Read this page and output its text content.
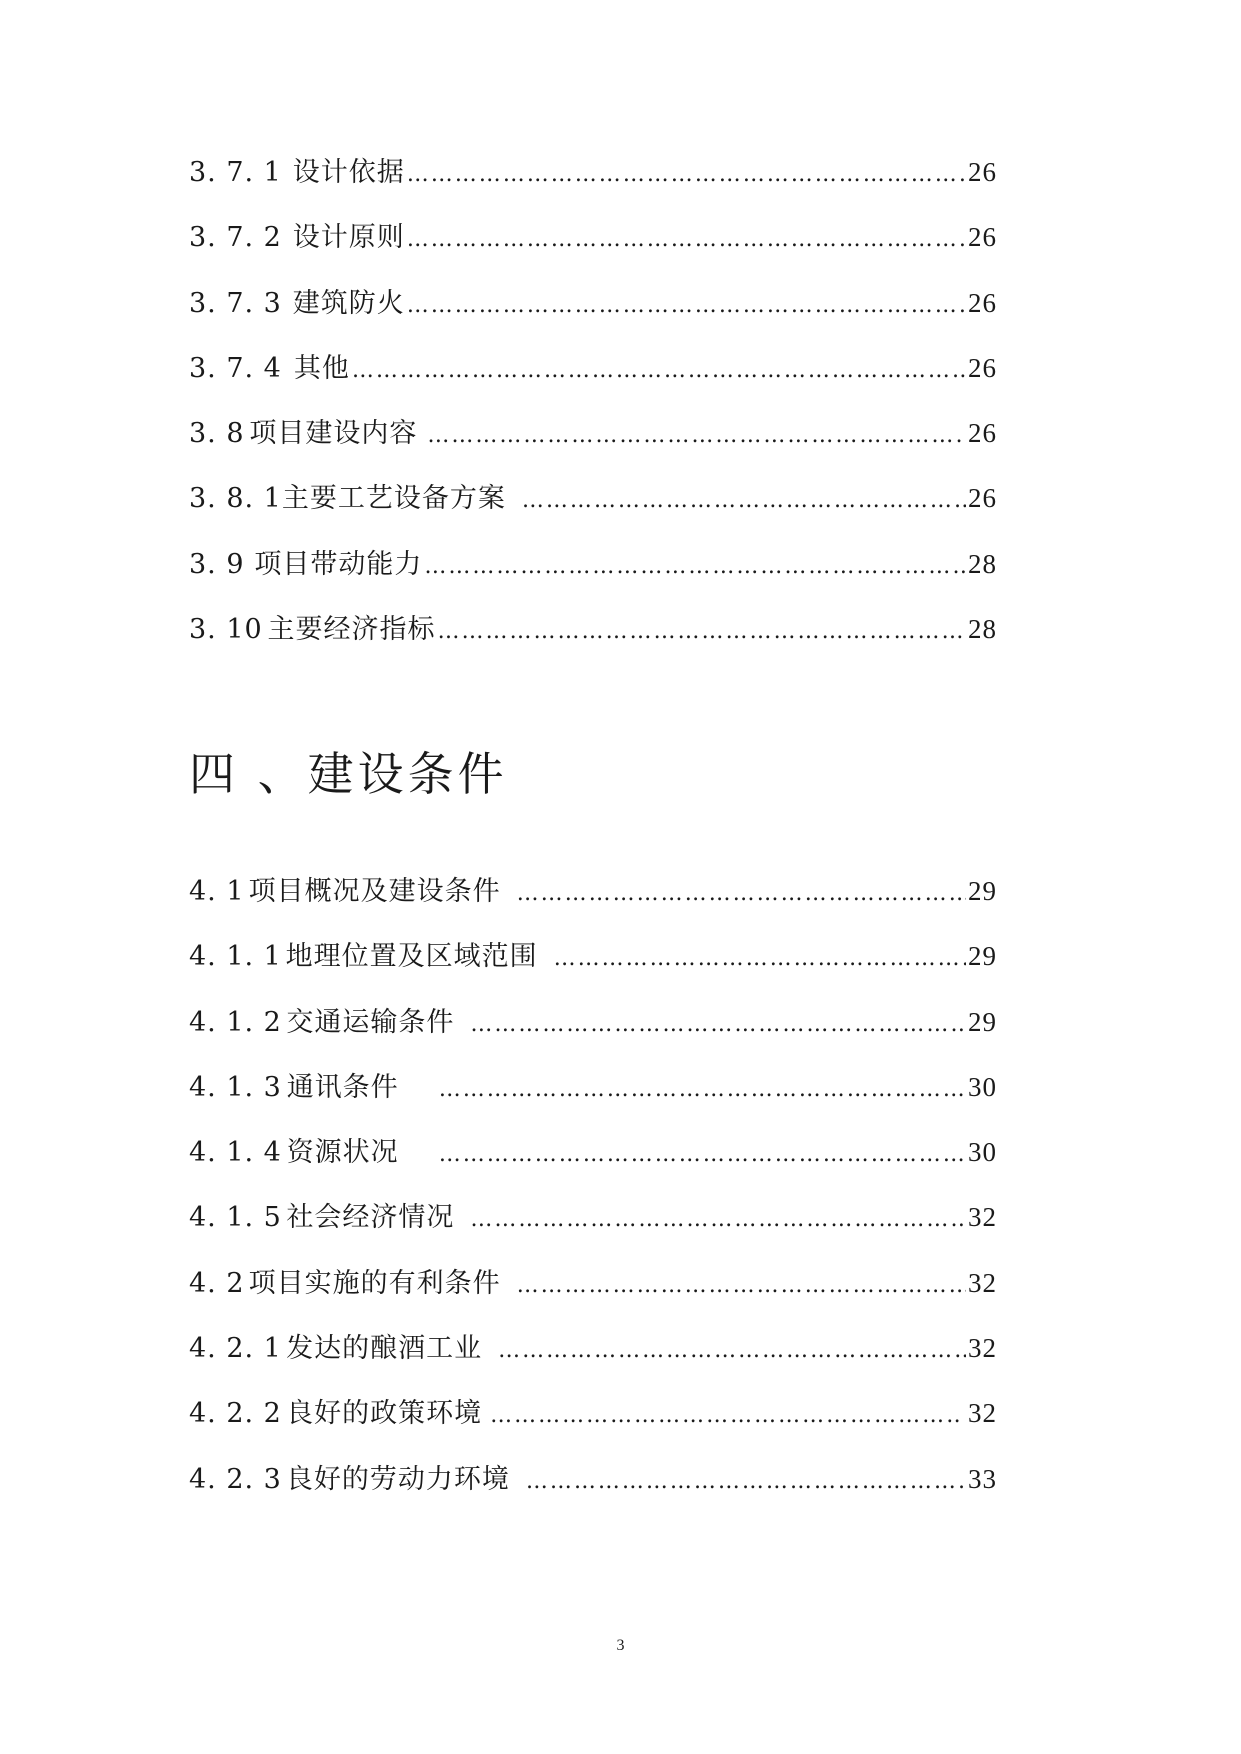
3. 7. 1 设计依据 …………………………………………………………………………………………………………………………………………………………………………	26
3. 7. 2 设计原则 …………………………………………………………………………………………………………………………………………………………………………	26
3. 7. 3 建筑防火 …………………………………………………………………………………………………………………………………………………………………………	26
3. 7. 4 其他 …………………………………………………………………………………………………………………………………………………………………………	26
3. 8 项目建设内容 …………………………………………………………………………………………………………………………………………………………………………	26
3. 8. 1 主要工艺设备方案 …………………………………………………………………………………………………………………………………………………………………………	26
3. 9 项目带动能力 …………………………………………………………………………………………………………………………………………………………………………	28
3. 10 主要经济指标 …………………………………………………………………………………………………………………………………………………………………………	28
四 、建设条件
4. 1 项目概况及建设条件 …………………………………………………………………………………………………………………………………………………………………………	29
4. 1. 1 地理位置及区域范围 …………………………………………………………………………………………………………………………………………………………………………	29
4. 1. 2 交通运输条件 …………………………………………………………………………………………………………………………………………………………………………	29
4. 1. 3 通讯条件 …………………………………………………………………………………………………………………………………………………………………………	30
4. 1. 4 资源状况 …………………………………………………………………………………………………………………………………………………………………………	30
4. 1. 5 社会经济情况 …………………………………………………………………………………………………………………………………………………………………………	32
4. 2 项目实施的有利条件 …………………………………………………………………………………………………………………………………………………………………………	32
4. 2. 1 发达的酿酒工业 …………………………………………………………………………………………………………………………………………………………………………	32
4. 2. 2 良好的政策环境 …………………………………………………………………………………………………………………………………………………………………………	32
4. 2. 3 良好的劳动力环境 …………………………………………………………………………………………………………………………………………………………………………	33
3
